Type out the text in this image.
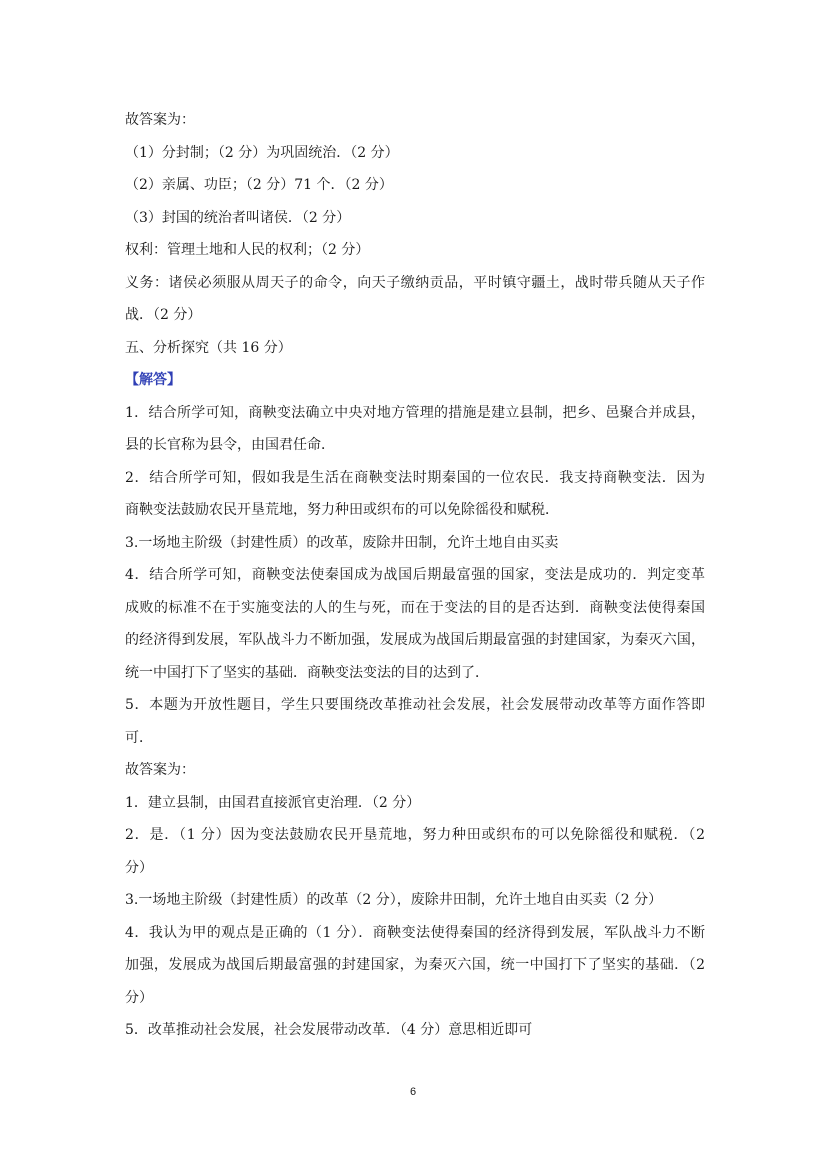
故答案为：
（1）分封制；（2 分）为巩固统治．（2 分）
（2）亲属、功臣；（2 分）71 个．（2 分）
（3）封国的统治者叫诸侯．（2 分）
权利：管理土地和人民的权利；（2 分）
义务：诸侯必须服从周天子的命令，向天子缴纳贡品，平时镇守疆土，战时带兵随从天子作
战．（2 分）
五、分析探究（共 16 分）
【解答】
1．结合所学可知，商鞅变法确立中央对地方管理的措施是建立县制，把乡、邑聚合并成县，
县的长官称为县令，由国君任命．
2．结合所学可知，假如我是生活在商鞅变法时期秦国的一位农民．我支持商鞅变法．因为
商鞅变法鼓励农民开垦荒地，努力种田或织布的可以免除徭役和赋税．
3.一场地主阶级（封建性质）的改革，废除井田制，允许土地自由买卖
4．结合所学可知，商鞅变法使秦国成为战国后期最富强的国家，变法是成功的．判定变革
成败的标准不在于实施变法的人的生与死，而在于变法的目的是否达到．商鞅变法使得秦国
的经济得到发展，军队战斗力不断加强，发展成为战国后期最富强的封建国家，为秦灭六国，
统一中国打下了坚实的基础．商鞅变法变法的目的达到了．
5．本题为开放性题目，学生只要围绕改革推动社会发展，社会发展带动改革等方面作答即
可．
故答案为：
1．建立县制，由国君直接派官吏治理．（2 分）
2．是．（1 分）因为变法鼓励农民开垦荒地，努力种田或织布的可以免除徭役和赋税．（2
分）
3.一场地主阶级（封建性质）的改革（2 分），废除井田制，允许土地自由买卖（2 分）
4．我认为甲的观点是正确的（1 分）．商鞅变法使得秦国的经济得到发展，军队战斗力不断
加强，发展成为战国后期最富强的封建国家，为秦灭六国，统一中国打下了坚实的基础．（2
分）
5．改革推动社会发展，社会发展带动改革．（4 分）意思相近即可
6
